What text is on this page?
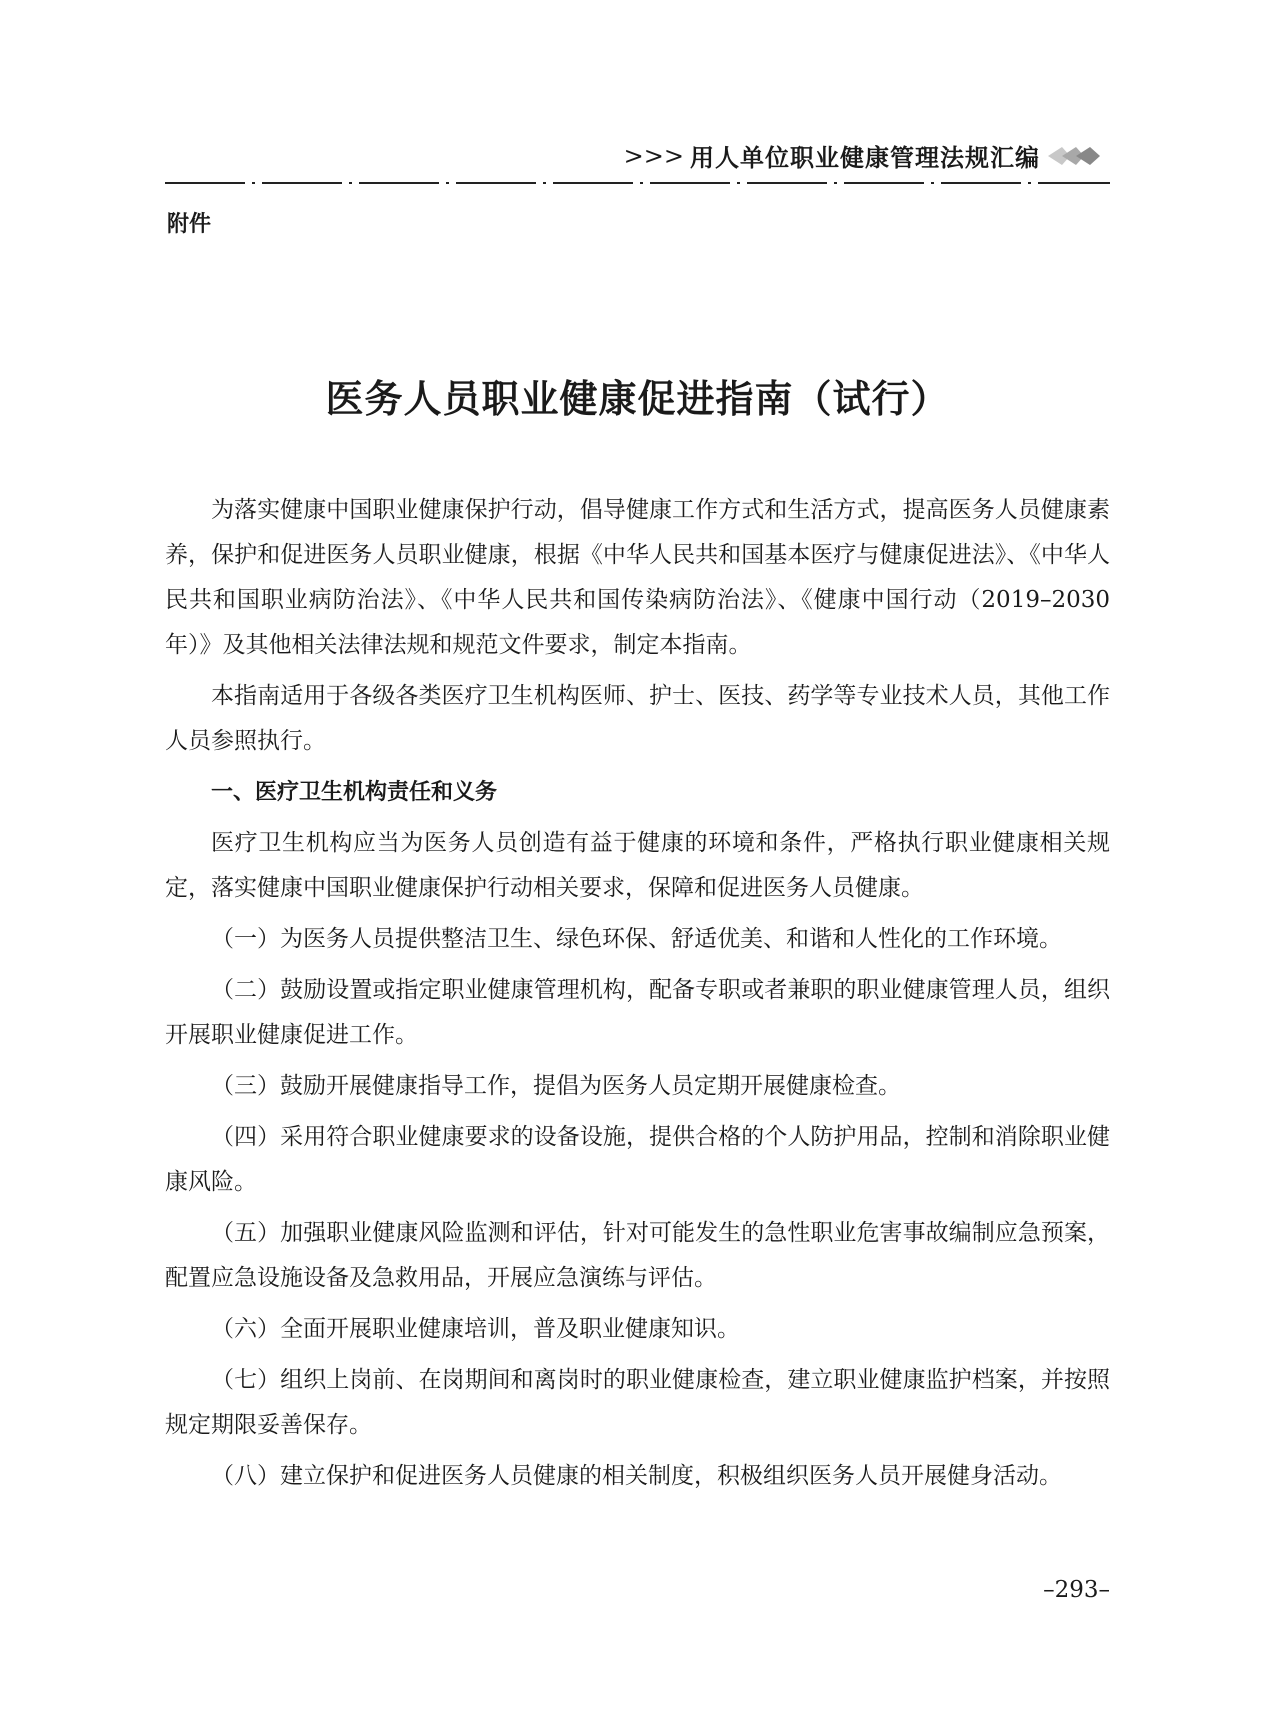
>>> 用人单位职业健康管理法规汇编
附件
医务人员职业健康促进指南（试行）

为落实健康中国职业健康保护行动，倡导健康工作方式和生活方式，提高医务人员健康素养，保护和促进医务人员职业健康，根据《中华人民共和国基本医疗与健康促进法》、《中华人民共和国职业病防治法》、《中华人民共和国传染病防治法》、《健康中国行动（2019–2030年）》及其他相关法律法规和规范文件要求，制定本指南。

本指南适用于各级各类医疗卫生机构医师、护士、医技、药学等专业技术人员，其他工作人员参照执行。

一、医疗卫生机构责任和义务

医疗卫生机构应当为医务人员创造有益于健康的环境和条件，严格执行职业健康相关规定，落实健康中国职业健康保护行动相关要求，保障和促进医务人员健康。

（一）为医务人员提供整洁卫生、绿色环保、舒适优美、和谐和人性化的工作环境。

（二）鼓励设置或指定职业健康管理机构，配备专职或者兼职的职业健康管理人员，组织开展职业健康促进工作。

（三）鼓励开展健康指导工作，提倡为医务人员定期开展健康检查。

（四）采用符合职业健康要求的设备设施，提供合格的个人防护用品，控制和消除职业健康风险。

（五）加强职业健康风险监测和评估，针对可能发生的急性职业危害事故编制应急预案，配置应急设施设备及急救用品，开展应急演练与评估。

（六）全面开展职业健康培训，普及职业健康知识。

（七）组织上岗前、在岗期间和离岗时的职业健康检查，建立职业健康监护档案，并按照规定期限妥善保存。

（八）建立保护和促进医务人员健康的相关制度，积极组织医务人员开展健身活动。

–293–
